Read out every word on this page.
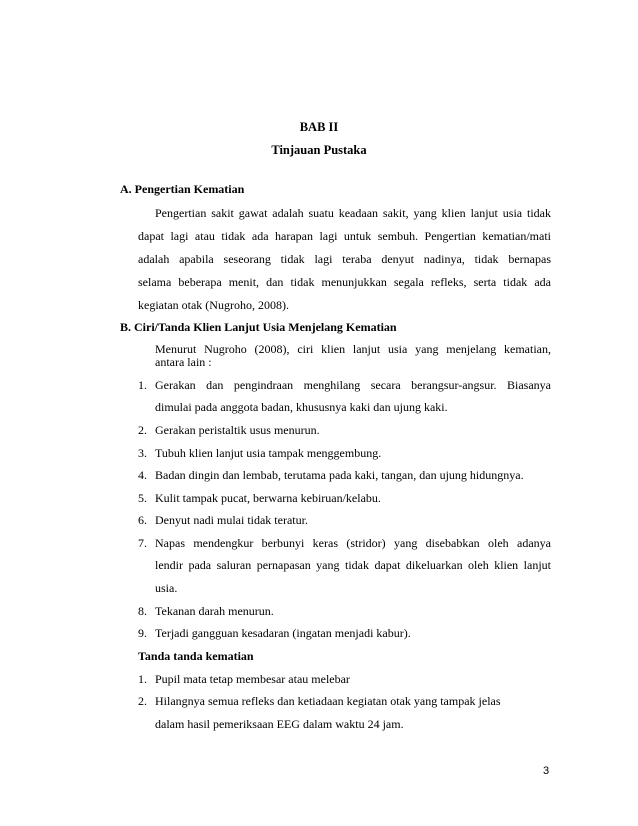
BAB II
Tinjauan Pustaka
A. Pengertian Kematian
Pengertian sakit gawat adalah suatu keadaan sakit, yang klien lanjut usia tidak
dapat lagi atau tidak ada harapan lagi untuk sembuh. Pengertian kematian/mati
adalah apabila seseorang tidak lagi teraba denyut nadinya, tidak bernapas
selama beberapa menit, dan tidak menunjukkan segala refleks, serta tidak ada
kegiatan otak (Nugroho, 2008).
B. Ciri/Tanda Klien Lanjut Usia Menjelang Kematian
Menurut Nugroho (2008), ciri klien lanjut usia yang menjelang kematian,
antara lain :
1. Gerakan dan pengindraan menghilang secara berangsur-angsur. Biasanya
dimulai pada anggota badan, khususnya kaki dan ujung kaki.
2. Gerakan peristaltik usus menurun.
3. Tubuh klien lanjut usia tampak menggembung.
4. Badan dingin dan lembab, terutama pada kaki, tangan, dan ujung hidungnya.
5. Kulit tampak pucat, berwarna kebiruan/kelabu.
6. Denyut nadi mulai tidak teratur.
7. Napas mendengkur berbunyi keras (stridor) yang disebabkan oleh adanya
lendir pada saluran pernapasan yang tidak dapat dikeluarkan oleh klien lanjut
usia.
8. Tekanan darah menurun.
9. Terjadi gangguan kesadaran (ingatan menjadi kabur).
Tanda tanda kematian
1. Pupil mata tetap membesar atau melebar
2. Hilangnya semua refleks dan ketiadaan kegiatan otak yang tampak jelas
dalam hasil pemeriksaan EEG dalam waktu 24 jam.
3
